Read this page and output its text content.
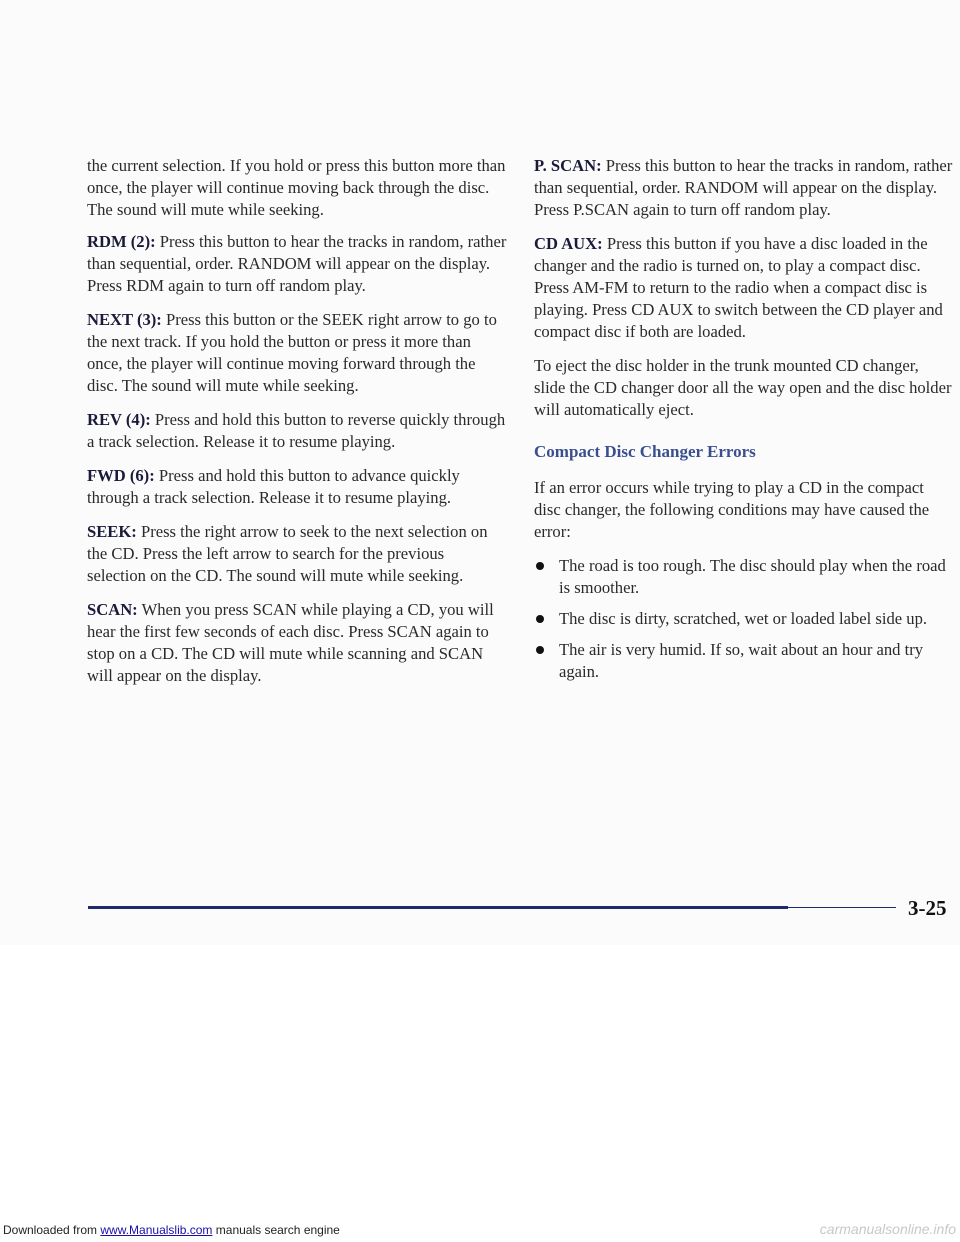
the current selection. If you hold or press this button more than once, the player will continue moving back through the disc. The sound will mute while seeking.

RDM (2): Press this button to hear the tracks in random, rather than sequential, order. RANDOM will appear on the display. Press RDM again to turn off random play.

NEXT (3): Press this button or the SEEK right arrow to go to the next track. If you hold the button or press it more than once, the player will continue moving forward through the disc. The sound will mute while seeking.

REV (4): Press and hold this button to reverse quickly through a track selection. Release it to resume playing.

FWD (6): Press and hold this button to advance quickly through a track selection. Release it to resume playing.

SEEK: Press the right arrow to seek to the next selection on the CD. Press the left arrow to search for the previous selection on the CD. The sound will mute while seeking.

SCAN: When you press SCAN while playing a CD, you will hear the first few seconds of each disc. Press SCAN again to stop on a CD. The CD will mute while scanning and SCAN will appear on the display.

P. SCAN: Press this button to hear the tracks in random, rather than sequential, order. RANDOM will appear on the display. Press P.SCAN again to turn off random play.

CD AUX: Press this button if you have a disc loaded in the changer and the radio is turned on, to play a compact disc. Press AM-FM to return to the radio when a compact disc is playing. Press CD AUX to switch between the CD player and compact disc if both are loaded.

To eject the disc holder in the trunk mounted CD changer, slide the CD changer door all the way open and the disc holder will automatically eject.

Compact Disc Changer Errors

If an error occurs while trying to play a CD in the compact disc changer, the following conditions may have caused the error:

The road is too rough. The disc should play when the road is smoother.
The disc is dirty, scratched, wet or loaded label side up.
The air is very humid. If so, wait about an hour and try again.
3-25
Downloaded from www.Manualslib.com manuals search engine	carmanualsonline.info
